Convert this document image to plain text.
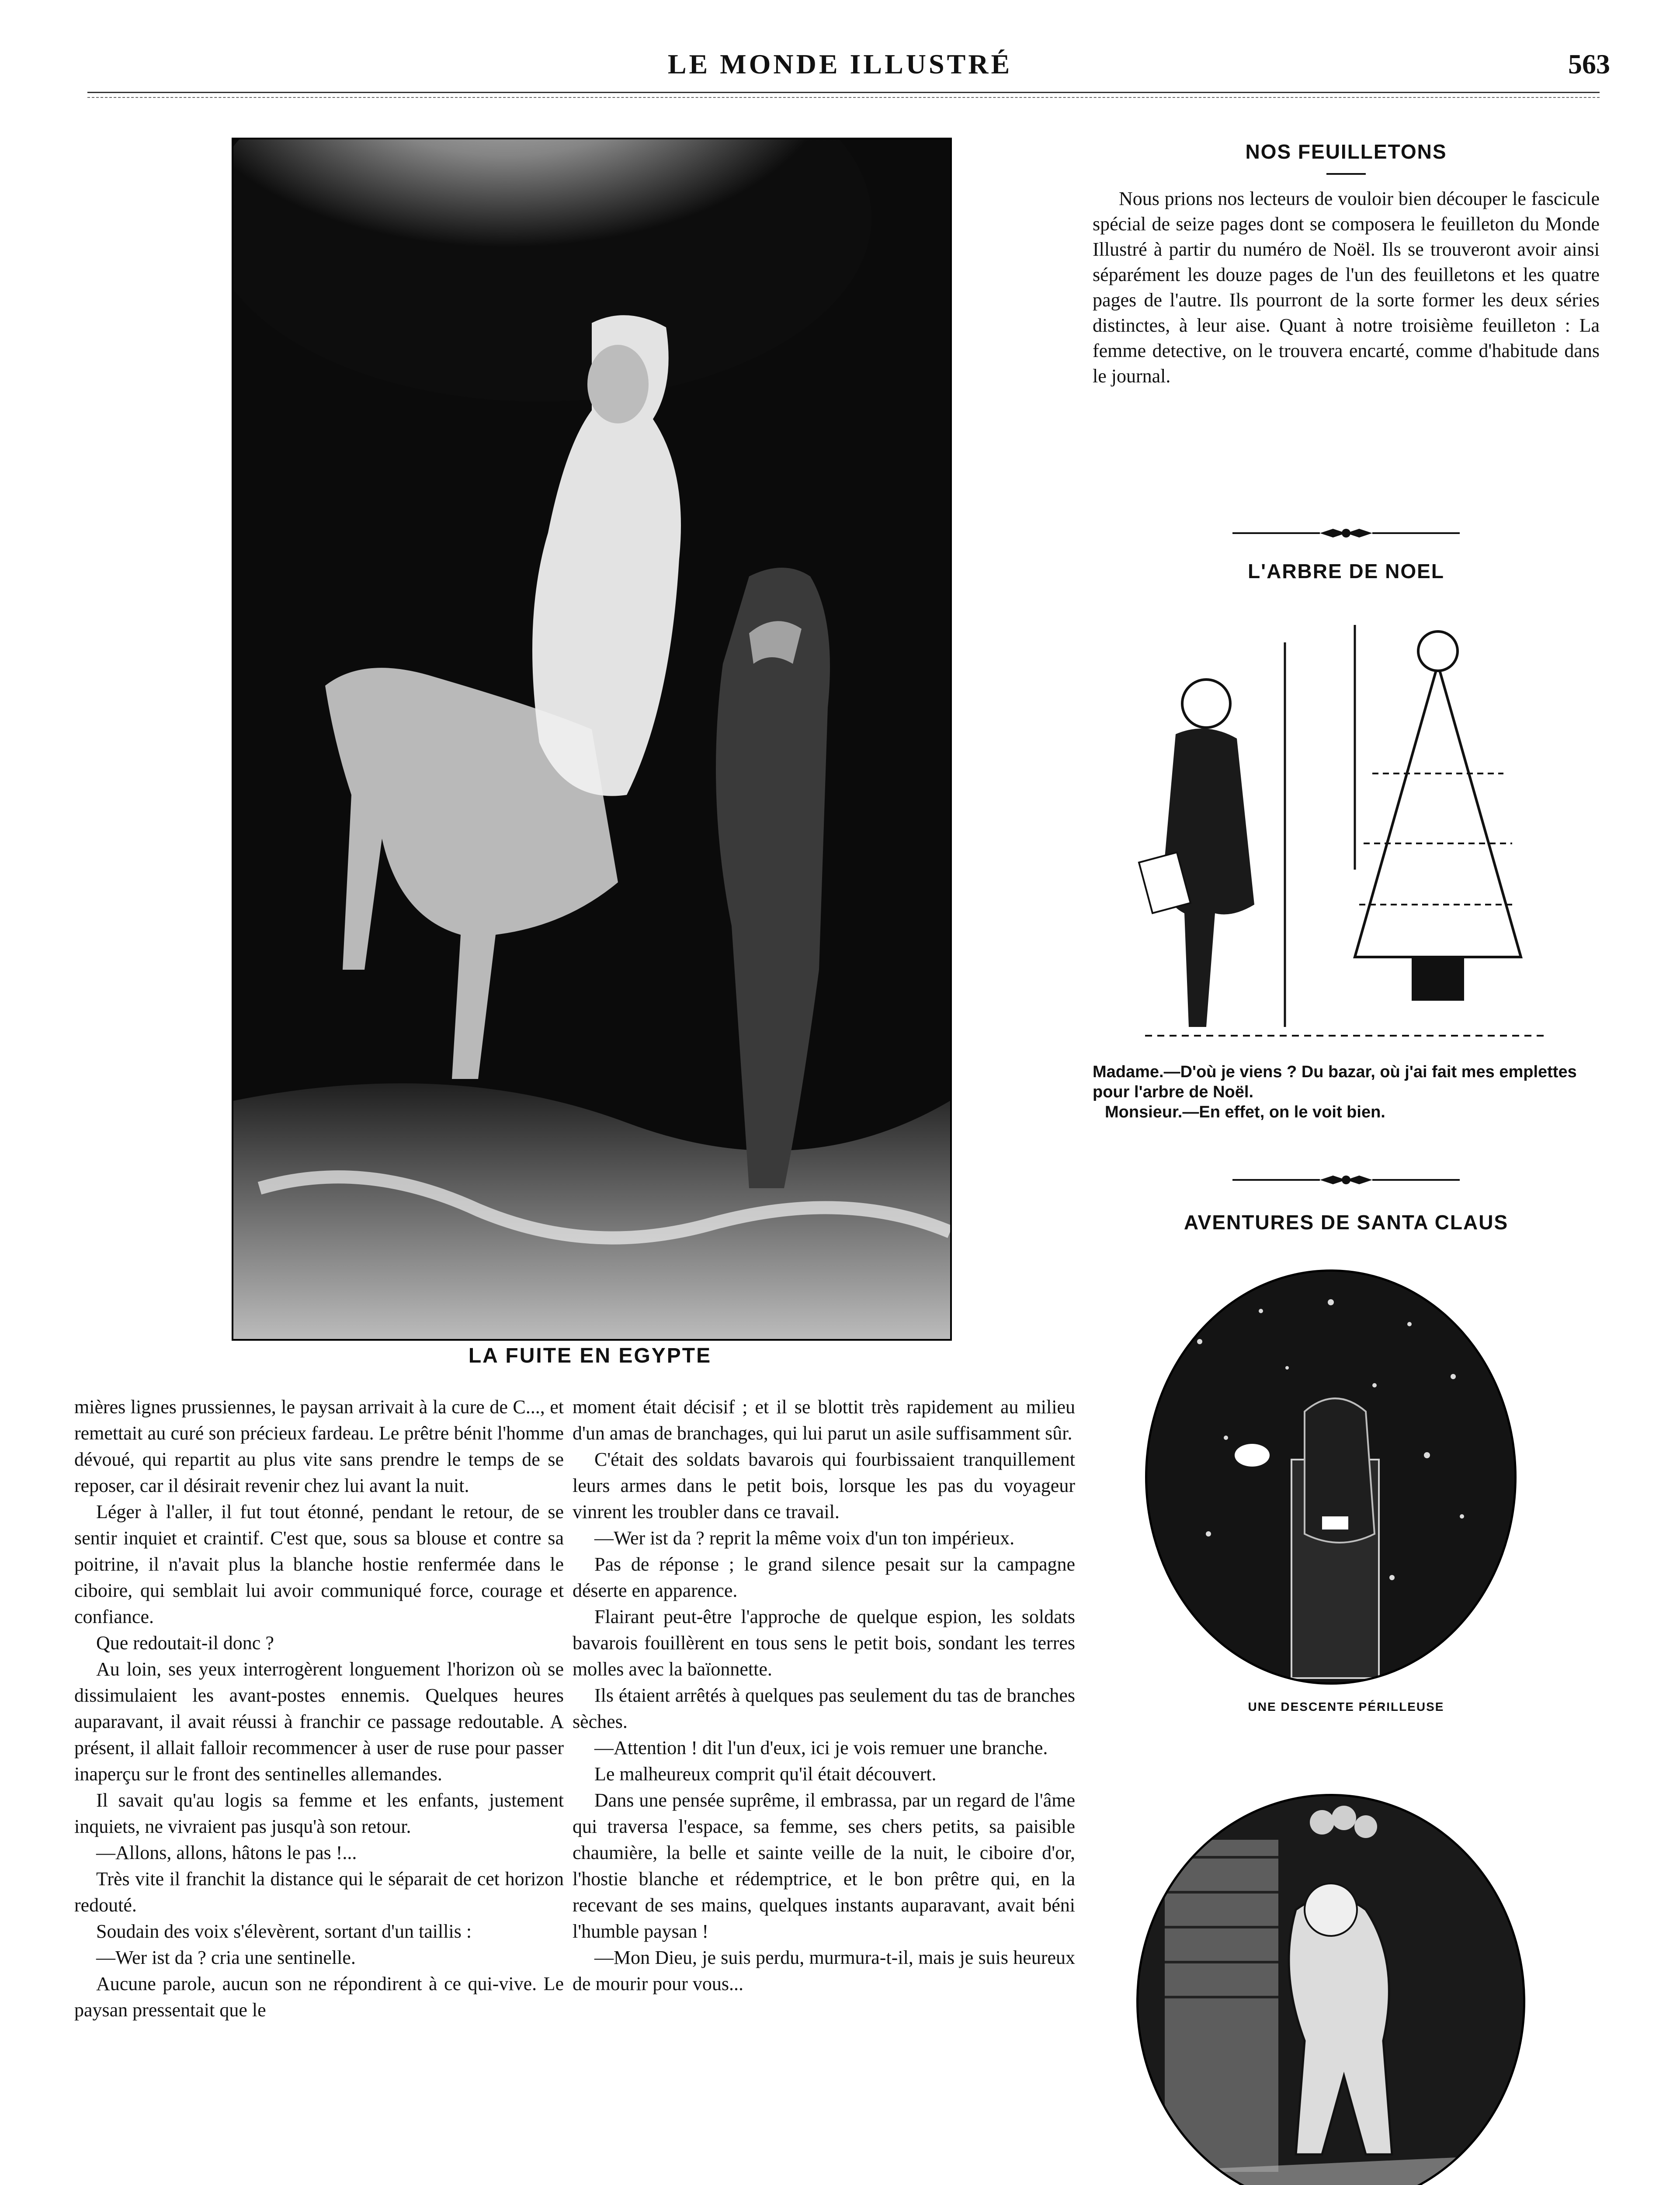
LE MONDE ILLUSTRÉ	563
LA FUITE EN EGYPTE

mières lignes prussiennes, le paysan arrivait à la cure de C..., et remettait au curé son précieux fardeau. Le prêtre bénit l'homme dévoué, qui repartit au plus vite sans prendre le temps de se reposer, car il désirait revenir chez lui avant la nuit.

Léger à l'aller, il fut tout étonné, pendant le retour, de se sentir inquiet et craintif. C'est que, sous sa blouse et contre sa poitrine, il n'avait plus la blanche hostie renfermée dans le ciboire, qui semblait lui avoir communiqué force, courage et confiance.

Que redoutait-il donc ?

Au loin, ses yeux interrogèrent longuement l'horizon où se dissimulaient les avant-postes ennemis. Quelques heures auparavant, il avait réussi à franchir ce passage redoutable. A présent, il allait falloir recommencer à user de ruse pour passer inaperçu sur le front des sentinelles allemandes.

Il savait qu'au logis sa femme et les enfants, justement inquiets, ne vivraient pas jusqu'à son retour.

—Allons, allons, hâtons le pas !...

Très vite il franchit la distance qui le séparait de cet horizon redouté.

Soudain des voix s'élevèrent, sortant d'un taillis :

—Wer ist da ? cria une sentinelle.

Aucune parole, aucun son ne répondirent à ce qui-vive. Le paysan pressentait que le

moment était décisif ; et il se blottit très rapidement au milieu d'un amas de branchages, qui lui parut un asile suffisamment sûr.

C'était des soldats bavarois qui fourbissaient tranquillement leurs armes dans le petit bois, lorsque les pas du voyageur vinrent les troubler dans ce travail.

—Wer ist da ? reprit la même voix d'un ton impérieux.

Pas de réponse ; le grand silence pesait sur la campagne déserte en apparence.

Flairant peut-être l'approche de quelque espion, les soldats bavarois fouillèrent en tous sens le petit bois, sondant les terres molles avec la baïonnette.

Ils étaient arrêtés à quelques pas seulement du tas de branches sèches.

—Attention ! dit l'un d'eux, ici je vois remuer une branche.

Le malheureux comprit qu'il était découvert.

Dans une pensée suprême, il embrassa, par un regard de l'âme qui traversa l'espace, sa femme, ses chers petits, sa paisible chaumière, la belle et sainte veille de la nuit, le ciboire d'or, l'hostie blanche et rédemptrice, et le bon prêtre qui, en la recevant de ses mains, quelques instants auparavant, avait béni l'humble paysan !

—Mon Dieu, je suis perdu, murmura-t-il, mais je suis heureux de mourir pour vous...

NOS FEUILLETONS

Nous prions nos lecteurs de vouloir bien découper le fascicule spécial de seize pages dont se composera le feuilleton du Monde Illustré à partir du numéro de Noël. Ils se trouveront avoir ainsi séparément les douze pages de l'un des feuilletons et les quatre pages de l'autre. Ils pourront de la sorte former les deux séries distinctes, à leur aise. Quant à notre troisième feuilleton : La femme detective, on le trouvera encarté, comme d'habitude dans le journal.

L'ARBRE DE NOEL
Madame.—D'où je viens ? Du bazar, où j'ai fait mes emplettes pour l'arbre de Noël.
Monsieur.—En effet, on le voit bien.
AVENTURES DE SANTA CLAUS
UNE DESCENTE PÉRILLEUSE
